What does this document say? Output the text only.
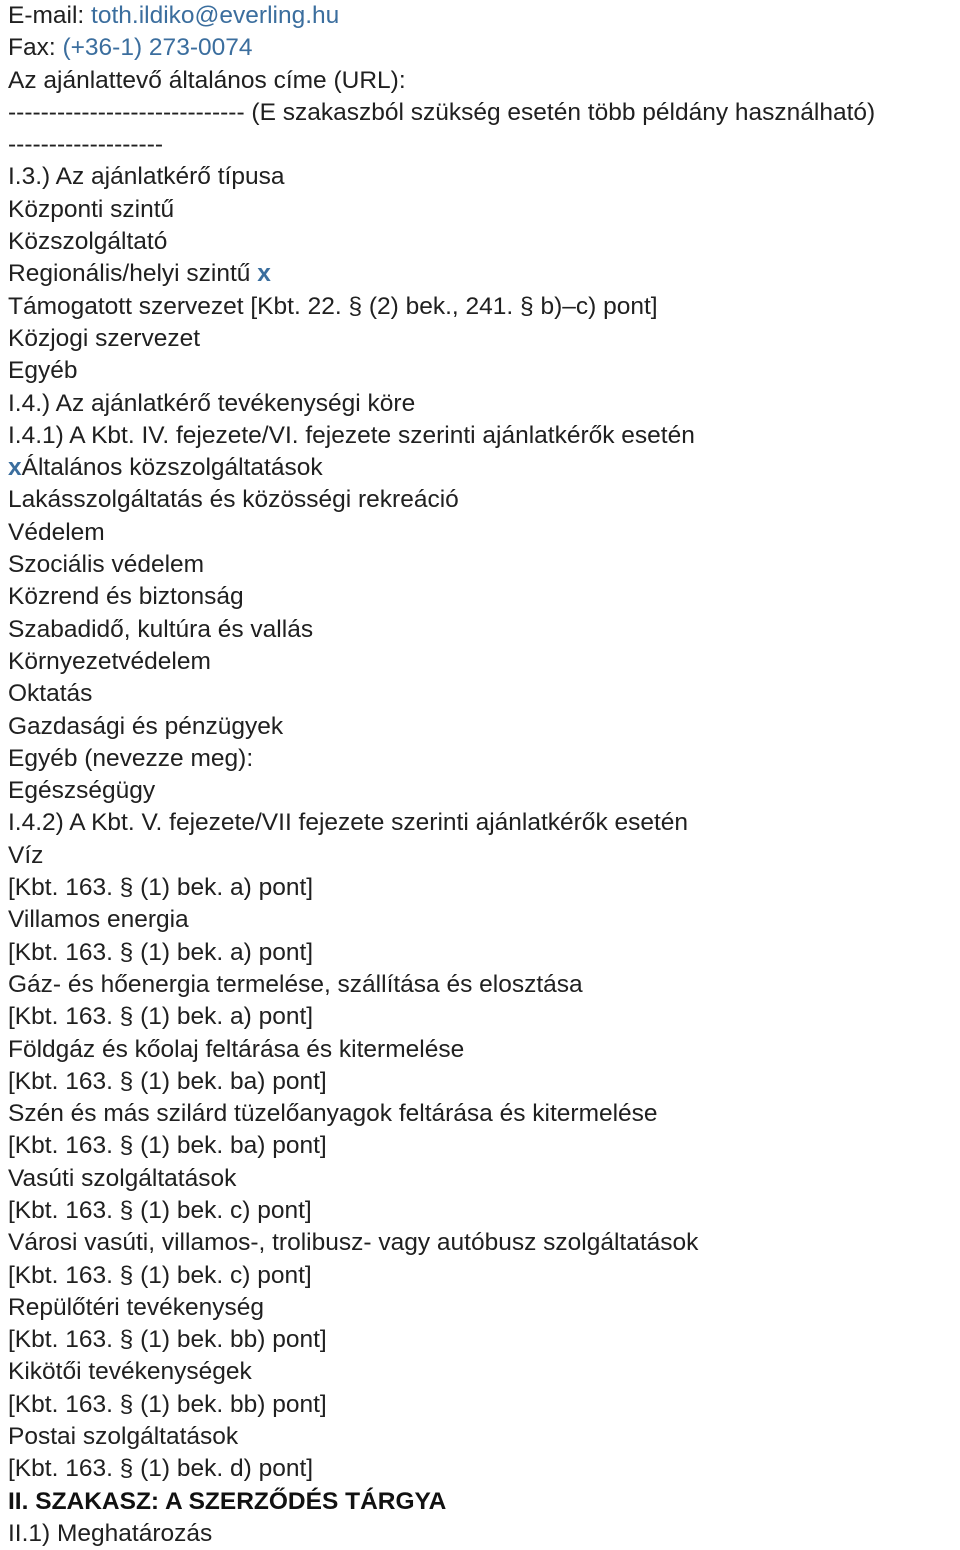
E-mail: toth.ildiko@everling.hu
Fax: (+36-1) 273-0074
Az ajánlattevő általános címe (URL):
----------------------------- (E szakaszból szükség esetén több példány használható)
-------------------
I.3.) Az ajánlatkérő típusa
Központi szintű
Közszolgáltató
Regionális/helyi szintű x
Támogatott szervezet [Kbt. 22. § (2) bek., 241. § b)–c) pont]
Közjogi szervezet
Egyéb
I.4.) Az ajánlatkérő tevékenységi köre
I.4.1) A Kbt. IV. fejezete/VI. fejezete szerinti ajánlatkérők esetén
xÁltalános közszolgáltatások
Lakásszolgáltatás és közösségi rekreáció
Védelem
Szociális védelem
Közrend és biztonság
Szabadidő, kultúra és vallás
Környezetvédelem
Oktatás
Gazdasági és pénzügyek
Egyéb (nevezze meg):
Egészségügy
I.4.2) A Kbt. V. fejezete/VII fejezete szerinti ajánlatkérők esetén
Víz
[Kbt. 163. § (1) bek. a) pont]
Villamos energia
[Kbt. 163. § (1) bek. a) pont]
Gáz- és hőenergia termelése, szállítása és elosztása
[Kbt. 163. § (1) bek. a) pont]
Földgáz és kőolaj feltárása és kitermelése
[Kbt. 163. § (1) bek. ba) pont]
Szén és más szilárd tüzelőanyagok feltárása és kitermelése
[Kbt. 163. § (1) bek. ba) pont]
Vasúti szolgáltatások
[Kbt. 163. § (1) bek. c) pont]
Városi vasúti, villamos-, trolibusz- vagy autóbusz szolgáltatások
[Kbt. 163. § (1) bek. c) pont]
Repülőtéri tevékenység
[Kbt. 163. § (1) bek. bb) pont]
Kikötői tevékenységek
[Kbt. 163. § (1) bek. bb) pont]
Postai szolgáltatások
[Kbt. 163. § (1) bek. d) pont]
II. SZAKASZ: A SZERZŐDÉS TÁRGYA
II.1) Meghatározás
